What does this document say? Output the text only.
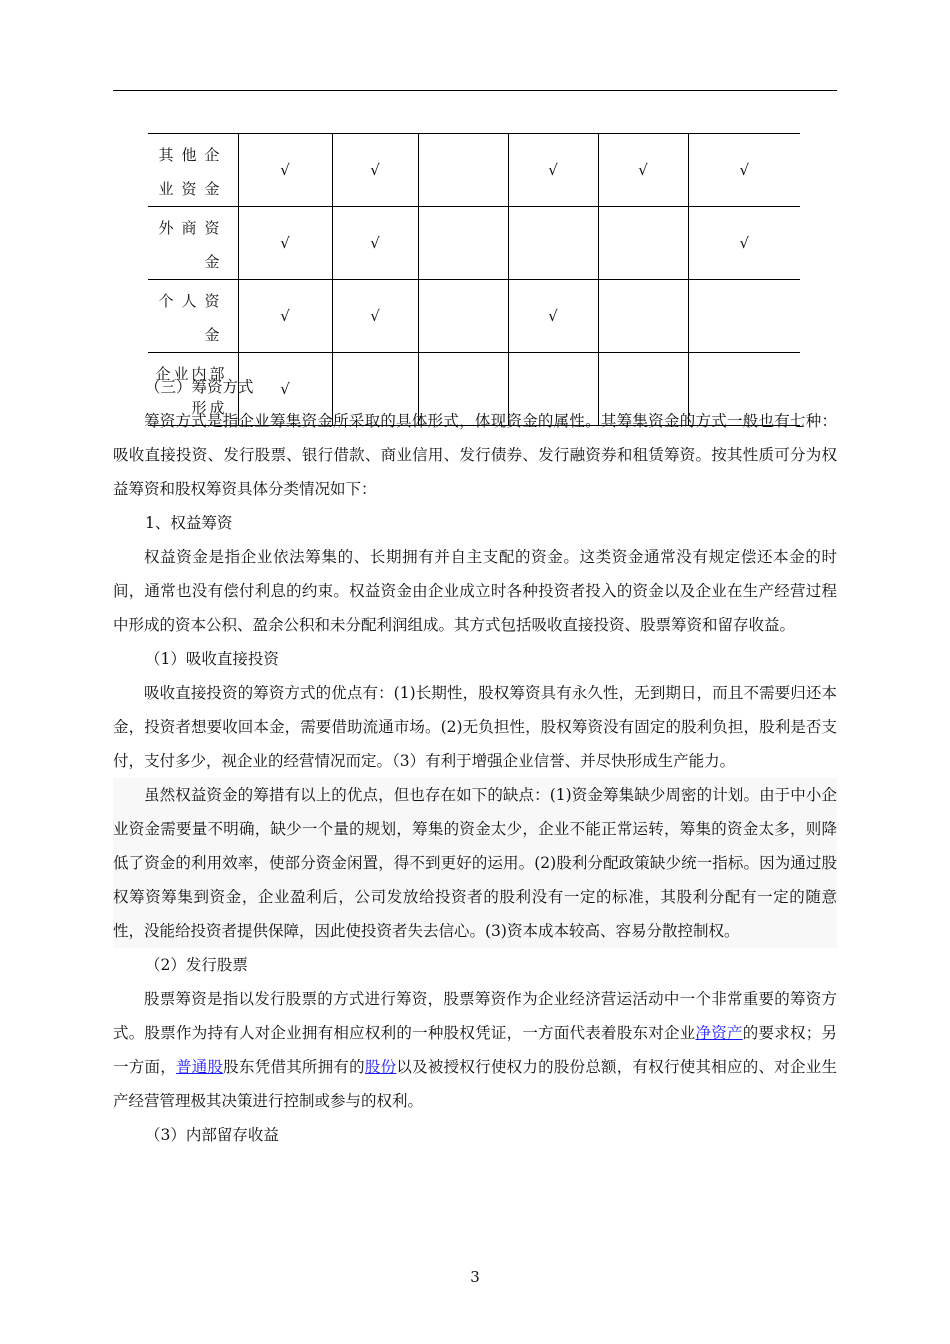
其他企业资金	√	√		√	√	√
外商资金	√	√				√
个人资金	√	√		√		
企业内部形成	√					

（三）筹资方式

筹资方式是指企业筹集资金所采取的具体形式，体现资金的属性。其筹集资金的方式一般也有七种：吸收直接投资、发行股票、银行借款、商业信用、发行债券、发行融资券和租赁筹资。按其性质可分为权益筹资和股权筹资具体分类情况如下：

1、权益筹资

权益资金是指企业依法筹集的、长期拥有并自主支配的资金。这类资金通常没有规定偿还本金的时间，通常也没有偿付利息的约束。权益资金由企业成立时各种投资者投入的资金以及企业在生产经营过程中形成的资本公积、盈余公积和未分配利润组成。其方式包括吸收直接投资、股票筹资和留存收益。

（1）吸收直接投资

吸收直接投资的筹资方式的优点有：(1)长期性，股权筹资具有永久性，无到期日，而且不需要归还本金，投资者想要收回本金，需要借助流通市场。(2)无负担性，股权筹资没有固定的股利负担，股利是否支付，支付多少，视企业的经营情况而定。（3）有利于增强企业信誉、并尽快形成生产能力。

虽然权益资金的筹措有以上的优点，但也存在如下的缺点：(1)资金筹集缺少周密的计划。由于中小企业资金需要量不明确，缺少一个量的规划，筹集的资金太少，企业不能正常运转，筹集的资金太多，则降低了资金的利用效率，使部分资金闲置，得不到更好的运用。(2)股利分配政策缺少统一指标。因为通过股权筹资筹集到资金，企业盈利后，公司发放给投资者的股利没有一定的标准，其股利分配有一定的随意性，没能给投资者提供保障，因此使投资者失去信心。(3)资本成本较高、容易分散控制权。

（2）发行股票

股票筹资是指以发行股票的方式进行筹资，股票筹资作为企业经济营运活动中一个非常重要的筹资方式。股票作为持有人对企业拥有相应权利的一种股权凭证，一方面代表着股东对企业净资产的要求权；另一方面，普通股股东凭借其所拥有的股份以及被授权行使权力的股份总额，有权行使其相应的、对企业生产经营管理极其决策进行控制或参与的权利。

（3）内部留存收益

3
